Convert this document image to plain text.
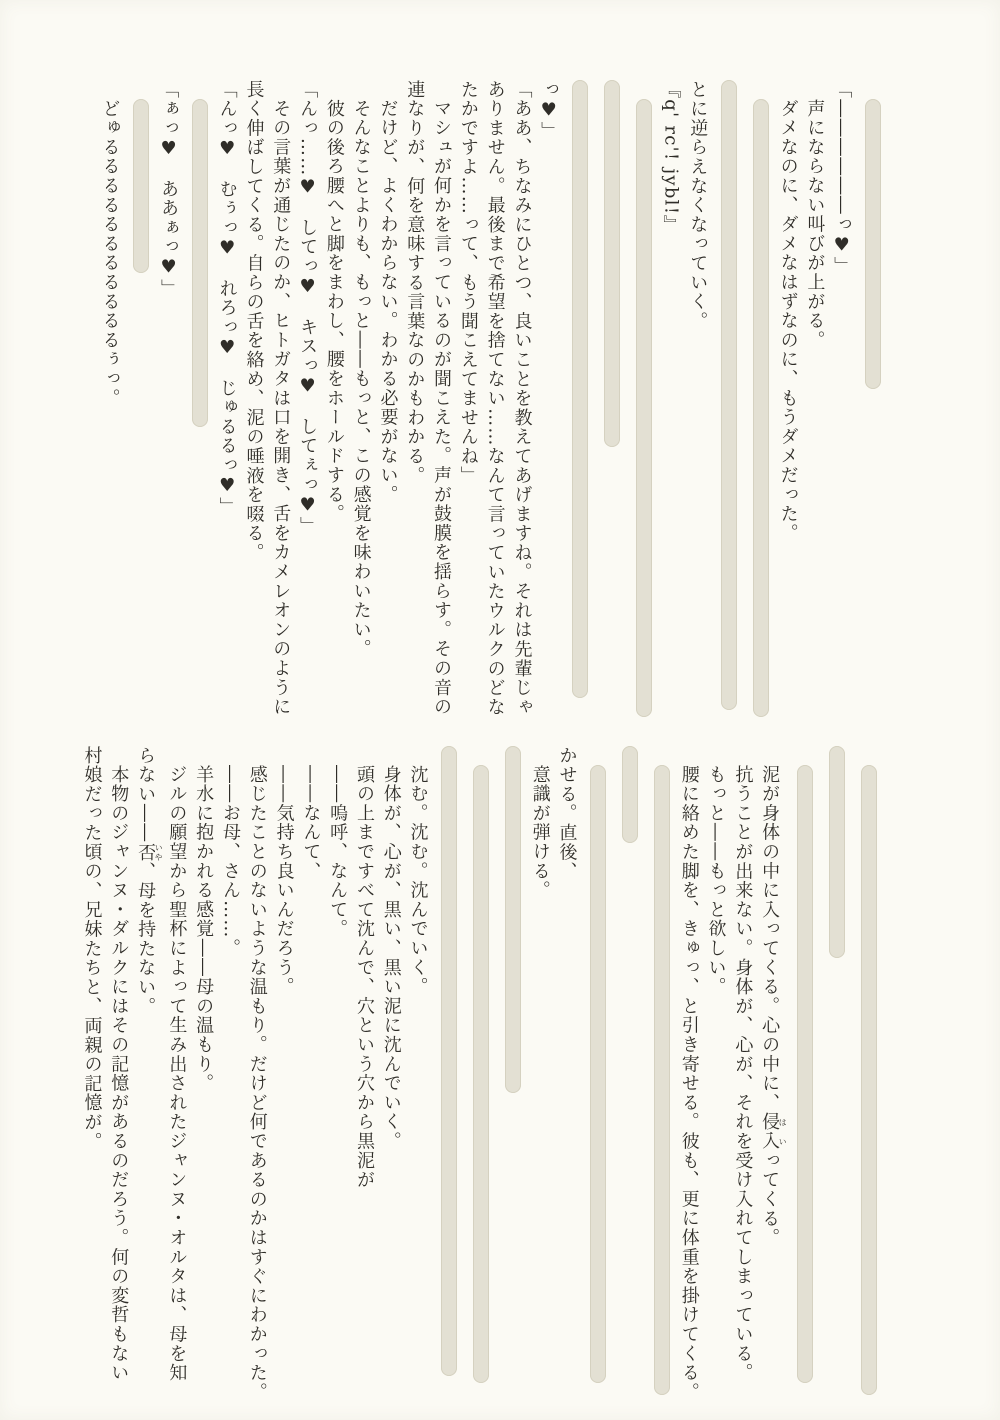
「――――――っ♥」

声にならない叫びが上がる。

ダメなのに、ダメなはずなのに、もうダメだった。

とに逆らえなくなっていく。

『q' rc'! jybl!』

っ♥」

「ああ、ちなみにひとつ、良いことを教えてあげますね。それは先輩じゃ

ありません。最後まで希望を捨てない……なんて言っていたウルクのどな

たかですよ……って、もう聞こえてませんね」

マシュが何かを言っているのが聞こえた。声が鼓膜を揺らす。その音の

連なりが、何を意味する言葉なのかもわかる。

だけど、よくわからない。わかる必要がない。

そんなことよりも、もっと――もっと、この感覚を味わいたい。

彼の後ろ腰へと脚をまわし、腰をホールドする。

「んっ……♥　してっ♥　キスっ♥　してぇっ♥」

その言葉が通じたのか、ヒトガタは口を開き、舌をカメレオンのように

長く伸ばしてくる。自らの舌を絡め、泥の唾液を啜る。

「んっ♥　むぅっ♥　れろっ♥　じゅるるっ♥」

「ぁっ♥　ああぁっ♥」

どゅるるるるるるるるるるるぅっ。

泥が身体の中に入ってくる。心の中に、侵入はいってくる。

抗うことが出来ない。身体が、心が、それを受け入れてしまっている。

もっと――もっと欲しい。

腰に絡めた脚を、きゅっ、と引き寄せる。彼も、更に体重を掛けてくる。

かせる。直後、

意識が弾ける。

沈む。沈む。沈んでいく。

身体が、心が、黒い、黒い泥に沈んでいく。

頭の上まですべて沈んで、穴という穴から黒泥が

――嗚呼、なんて。

――なんて、

――気持ち良いんだろう。

感じたことのないような温もり。だけど何であるのかはすぐにわかった。

――お母、さん……。

羊水に抱かれる感覚――母の温もり。

ジルの願望から聖杯によって生み出されたジャンヌ・オルタは、母を知

らない――否いや、母を持たない。

本物のジャンヌ・ダルクにはその記憶があるのだろう。何の変哲もない

村娘だった頃の、兄妹たちと、両親の記憶が。
